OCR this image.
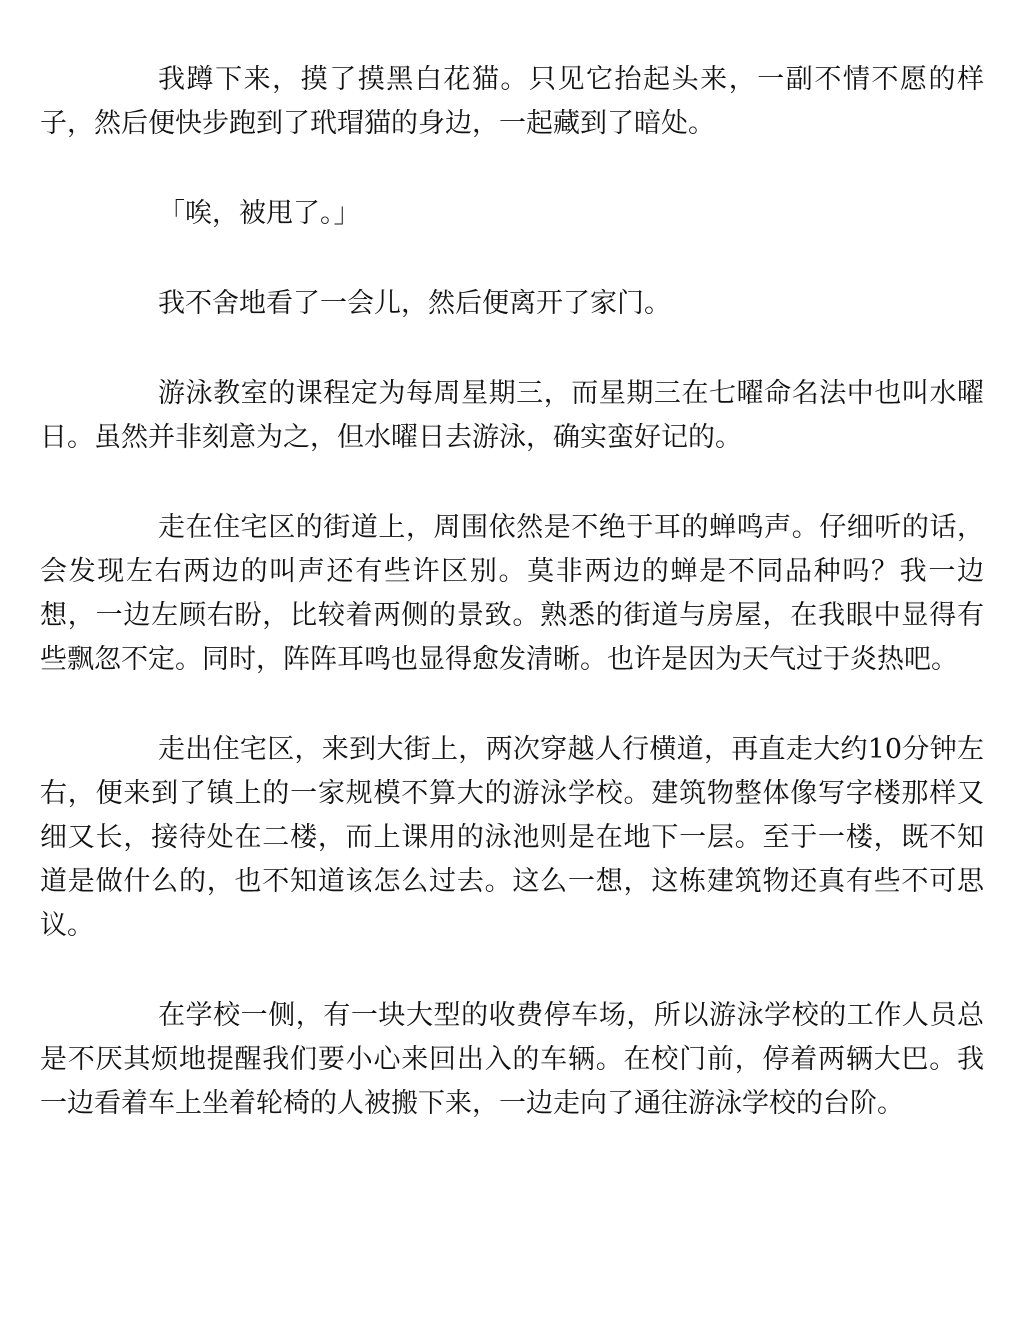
我蹲下来，摸了摸黑白花猫。只见它抬起头来，一副不情不愿的样子，然后便快步跑到了玳瑁猫的身边，一起藏到了暗处。

「唉，被甩了。」

我不舍地看了一会儿，然后便离开了家门。

游泳教室的课程定为每周星期三，而星期三在七曜命名法中也叫水曜日。虽然并非刻意为之，但水曜日去游泳，确实蛮好记的。

走在住宅区的街道上，周围依然是不绝于耳的蝉鸣声。仔细听的话，会发现左右两边的叫声还有些许区别。莫非两边的蝉是不同品种吗？我一边想，一边左顾右盼，比较着两侧的景致。熟悉的街道与房屋，在我眼中显得有些飘忽不定。同时，阵阵耳鸣也显得愈发清晰。也许是因为天气过于炎热吧。

走出住宅区，来到大街上，两次穿越人行横道，再直走大约10分钟左右，便来到了镇上的一家规模不算大的游泳学校。建筑物整体像写字楼那样又细又长，接待处在二楼，而上课用的泳池则是在地下一层。至于一楼，既不知道是做什么的，也不知道该怎么过去。这么一想，这栋建筑物还真有些不可思议。

在学校一侧，有一块大型的收费停车场，所以游泳学校的工作人员总是不厌其烦地提醒我们要小心来回出入的车辆。在校门前，停着两辆大巴。我一边看着车上坐着轮椅的人被搬下来，一边走向了通往游泳学校的台阶。
